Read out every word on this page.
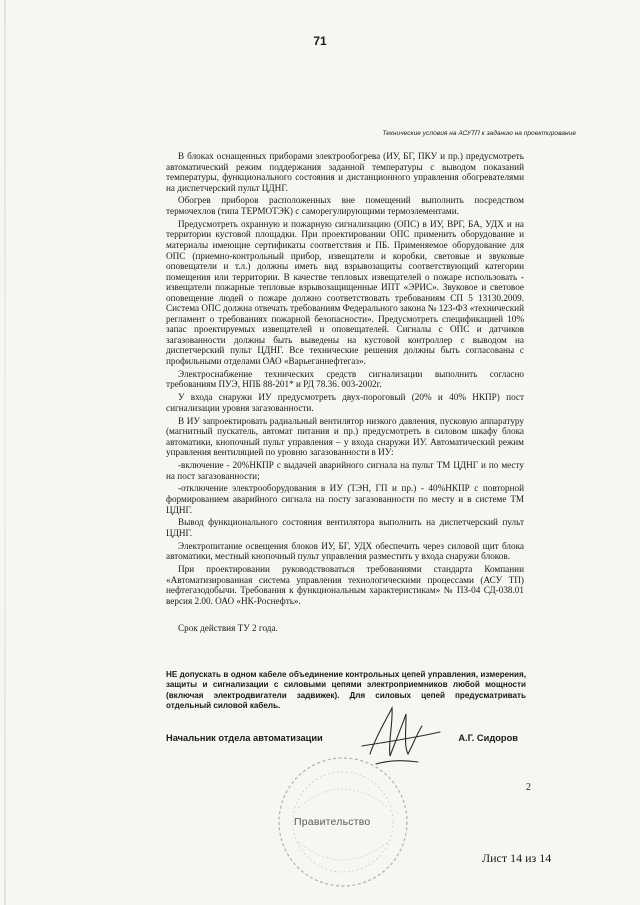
71
Технические условия на АСУТП к заданию на проектирование

В блоках оснащенных приборами электрообогрева (ИУ, БГ, ПКУ и пр.) предусмотреть автоматический режим поддержания заданной температуры с выводом показаний температуры, функционального состояния и дистанционного управления обогревателями на диспетчерский пульт ЦДНГ.

Обогрев приборов расположенных вне помещений выполнить посредством термочехлов (типа ТЕРМОТЭК) с саморегулирующими термоэлементами.

Предусмотреть охранную и пожарную сигнализацию (ОПС) в ИУ, ВРГ, БА, УДХ и на территории кустовой площадки. При проектировании ОПС применить оборудование и материалы имеющие сертификаты соответствия и ПБ. Применяемое оборудование для ОПС (приемно-контрольный прибор, извещатели и коробки, световые и звуковые оповещатели и т.л.) должны иметь вид взрывозащиты соответствующий категории помещения или территории. В качестве тепловых извещателей о пожаре использовать - извещатели пожарные тепловые взрывозащищенные ИПТ «ЭРИС». Звуковое и световое оповещение людей о пожаре должно соответствовать требованиям СП 5 13130.2009. Система ОПС должна отвечать требованиям Федерального закона № 123-ФЗ «технический регламент о требованиях пожарной безопасности». Предусмотреть спецификацией 10% запас проектируемых извещателей и оповещателей. Сигналы с ОПС и датчиков загазованности должны быть выведены на кустовой контроллер с выводом на диспетчерский пульт ЦДНГ. Все технические решения должны быть согласованы с профильными отделами ОАО «Варьеганнефтегаз».

Электроснабжение технических средств сигнализации выполнить согласно требованиям ПУЭ, НПБ 88-201* и РД 78.36. 003-2002г.

У входа снаружи ИУ предусмотреть двух-пороговый (20% и 40% НКПР) пост сигнализации уровня загазованности.

В ИУ запроектировать радиальный вентилятор низкого давления, пусковую аппаратуру (магнитный пускатель, автомат питания и пр.) предусмотреть в силовом шкафу блока автоматики, кнопочный пульт управления – у входа снаружи ИУ. Автоматический режим управления вентиляцией по уровню загазованности в ИУ:

-включение - 20%НКПР с выдачей аварийного сигнала на пульт ТМ ЦДНГ и по месту на пост загазованности;

-отключение электрооборудования в ИУ (ТЭН, ГП и пр.) - 40%НКПР с повторной формированием аварийного сигнала на посту загазованности по месту и в системе ТМ ЦДНГ.

Вывод функционального состояния вентилятора выполнить на диспетчерский пульт ЦДНГ.

Электропитание освещения блоков ИУ, БГ, УДХ обеспечить через силовой щит блока автоматики, местный кнопочный пульт управления разместить у входа снаружи блоков.

При проектировании руководствоваться требованиями стандарта Компании «Автоматизированная система управления технологическими процессами (АСУ ТП) нефтегазодобычи. Требования к функциональным характеристикам» № ПЗ-04 СД-038.01 версия 2.00. ОАО «НК-Роснефть».

Срок действия ТУ 2 года.

НЕ допускать в одном кабеле объединение контрольных цепей управления, измерения, защиты и сигнализации с силовыми цепями электроприемников любой мощности (включая электродвигатели задвижек). Для силовых цепей предусматривать отдельный силовой кабель.
Правительство
Начальник отдела автоматизации	А.Г. Сидоров
2
Лист 14 из 14
